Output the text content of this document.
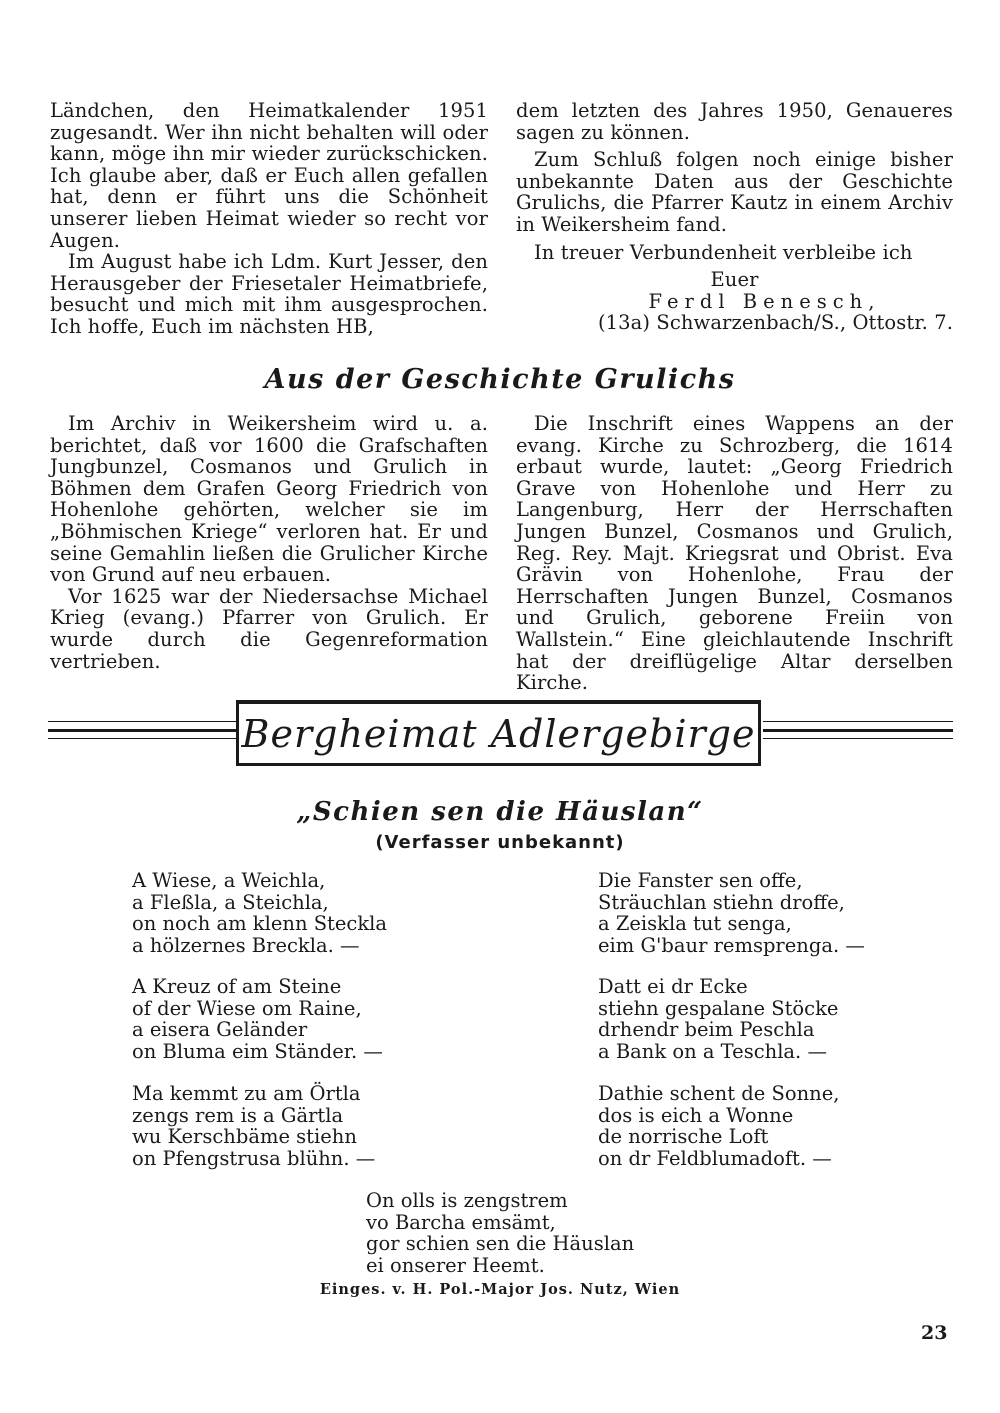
Ländchen, den Heimatkalender 1951 zugesandt. Wer ihn nicht behalten will oder kann, möge ihn mir wieder zurückschicken. Ich glaube aber, daß er Euch allen gefallen hat, denn er führt uns die Schönheit unserer lieben Heimat wieder so recht vor Augen.

Im August habe ich Ldm. Kurt Jesser, den Herausgeber der Friesetaler Heimatbriefe, besucht und mich mit ihm ausgesprochen. Ich hoffe, Euch im nächsten HB,

dem letzten des Jahres 1950, Genaueres sagen zu können.

Zum Schluß folgen noch einige bisher unbekannte Daten aus der Geschichte Grulichs, die Pfarrer Kautz in einem Archiv in Weikersheim fand.

In treuer Verbundenheit verbleibe ich

Euer

Ferdl Benesch,

(13a) Schwarzenbach/S., Ottostr. 7.

Aus der Geschichte Grulichs

Im Archiv in Weikersheim wird u. a. berichtet, daß vor 1600 die Grafschaften Jungbunzel, Cosmanos und Grulich in Böhmen dem Grafen Georg Friedrich von Hohenlohe gehörten, welcher sie im „Böhmischen Kriege“ verloren hat. Er und seine Gemahlin ließen die Grulicher Kirche von Grund auf neu erbauen.

Vor 1625 war der Niedersachse Michael Krieg (evang.) Pfarrer von Grulich. Er wurde durch die Gegenreformation vertrieben.

Die Inschrift eines Wappens an der evang. Kirche zu Schrozberg, die 1614 erbaut wurde, lautet: „Georg Friedrich Grave von Hohenlohe und Herr zu Langenburg, Herr der Herrschaften Jungen Bunzel, Cosmanos und Grulich, Reg. Rey. Majt. Kriegsrat und Obrist. Eva Grävin von Hohenlohe, Frau der Herrschaften Jungen Bunzel, Cosmanos und Grulich, geborene Freiin von Wallstein.“ Eine gleichlautende Inschrift hat der dreiflügelige Altar derselben Kirche.

Bergheimat Adlergebirge
„Schien sen die Häuslan“
(Verfasser unbekannt)
A Wiese, a Weichla,
a Fleßla, a Steichla,
on noch am klenn Steckla
a hölzernes Breckla. —
A Kreuz of am Steine
of der Wiese om Raine,
a eisera Geländer
on Bluma eim Ständer. —
Ma kemmt zu am Örtla
zengs rem is a Gärtla
wu Kerschbäme stiehn
on Pfengstrusa blühn. —
Die Fanster sen offe,
Sträuchlan stiehn droffe,
a Zeiskla tut senga,
eim G'baur remsprenga. —
Datt ei dr Ecke
stiehn gespalane Stöcke
drhendr beim Peschla
a Bank on a Teschla. —
Dathie schent de Sonne,
dos is eich a Wonne
de norrische Loft
on dr Feldblumadoft. —
On olls is zengstrem
vo Barcha emsämt,
gor schien sen die Häuslan
ei onserer Heemt.
Einges. v. H. Pol.-Major Jos. Nutz, Wien
23
